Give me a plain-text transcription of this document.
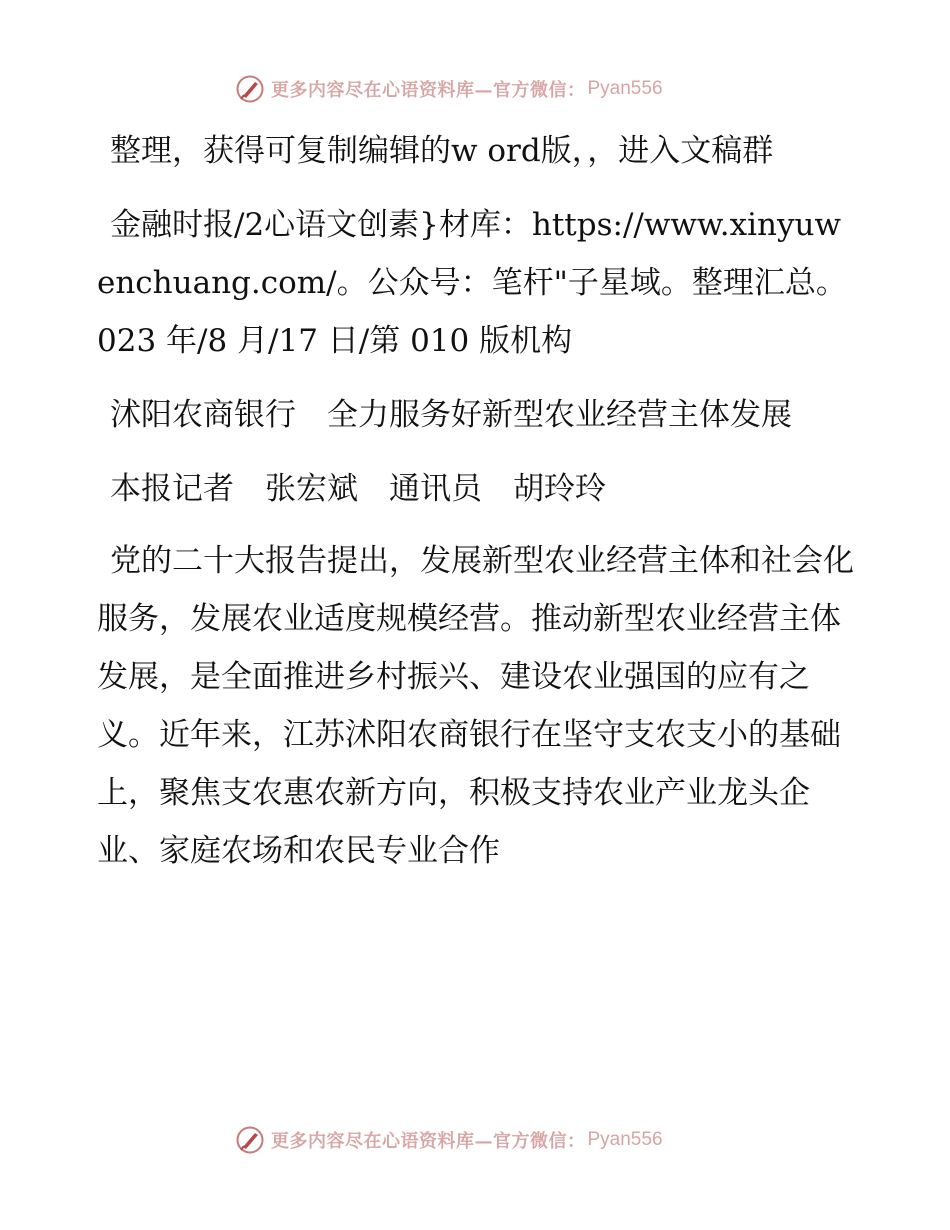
更多内容尽在心语资料库—官方微信： Pyan556

整理，获得可复制编辑的w ord版，，进入文稿群

金融时报/2心语文创素}材库：https://www.xinyuwenchuang.com/。公众号：笔杆"子星域。整理汇总。023 年/8 月/17 日/第 010 版机构

沭阳农商银行　全力服务好新型农业经营主体发展

本报记者　张宏斌　通讯员　胡玲玲

党的二十大报告提出，发展新型农业经营主体和社会化服务，发展农业适度规模经营。推动新型农业经营主体发展，是全面推进乡村振兴、建设农业强国的应有之义。近年来，江苏沭阳农商银行在坚守支农支小的基础上，聚焦支农惠农新方向，积极支持农业产业龙头企业、家庭农场和农民专业合作

更多内容尽在心语资料库—官方微信： Pyan556
